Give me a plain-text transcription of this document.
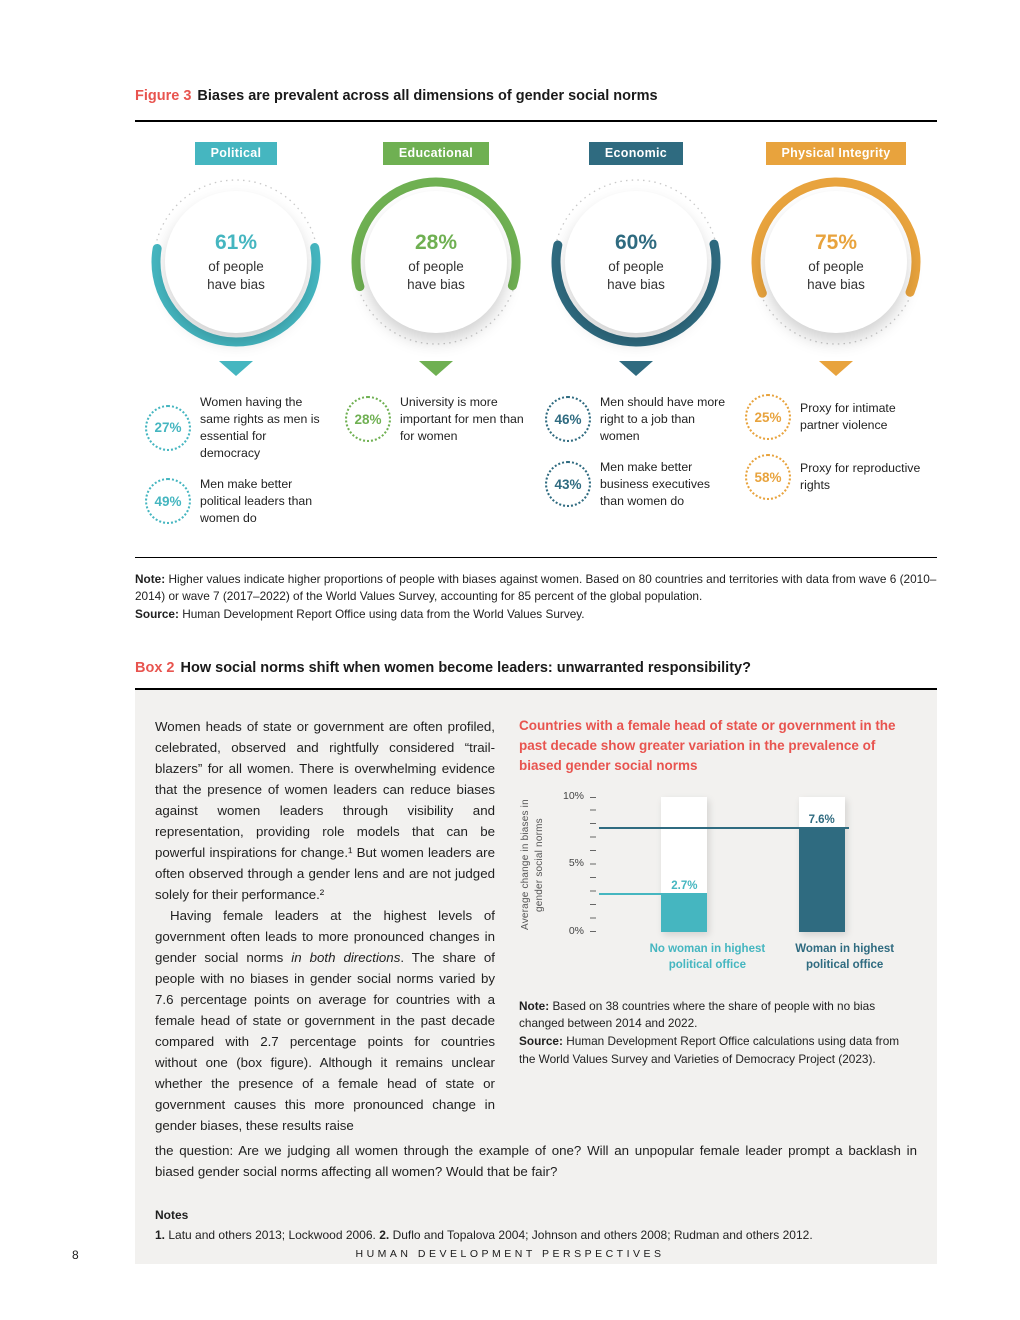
Figure 3 Biases are prevalent across all dimensions of gender social norms
Political
61%
of people have bias
27%
Women having the same rights as men is essential for democracy
49%
Men make better political leaders than women do
Educational
28%
of people have bias
28%
University is more important for men than for women
Economic
60%
of people have bias
46%
Men should have more right to a job than women
43%
Men make better business executives than women do
Physical Integrity
75%
of people have bias
25%
Proxy for intimate partner violence
58%
Proxy for reproductive rights
Note: Higher values indicate higher proportions of people with biases against women. Based on 80 countries and territories with data from wave 6 (2010–2014) or wave 7 (2017–2022) of the World Values Survey, accounting for 85 percent of the global population.
Source: Human Development Report Office using data from the World Values Survey.
Box 2 How social norms shift when women become leaders: unwarranted responsibility?

Women heads of state or government are often profiled, celebrated, observed and rightfully considered “trail-blazers” for all women. There is overwhelming evidence that the presence of women leaders can reduce biases against women leaders through visibility and representation, providing role models that can be powerful inspirations for change.¹ But women leaders are often observed through a gender lens and are not judged solely for their performance.²

Having female leaders at the highest levels of government often leads to more pronounced changes in gender social norms in both directions. The share of people with no biases in gender social norms varied by 7.6 percentage points on average for countries with a female head of state or government in the past decade compared with 2.7 percentage points for countries without one (box figure). Although it remains unclear whether the presence of a female head of state or government causes this more pronounced change in gender biases, these results raise

Countries with a female head of state or government in the past decade show greater variation in the prevalence of biased gender social norms
Average change in biases in gender social norms
0%
5%
10%
2.7%
7.6%
No woman in highest political office
Woman in highest political office
Note: Based on 38 countries where the share of people with no bias changed between 2014 and 2022.
Source: Human Development Report Office calculations using data from the World Values Survey and Varieties of Democracy Project (2023).
the question: Are we judging all women through the example of one? Will an unpopular female leader prompt a backlash in biased gender social norms affecting all women? Would that be fair?
Notes
1. Latu and others 2013; Lockwood 2006. 2. Duflo and Topalova 2004; Johnson and others 2008; Rudman and others 2012.
8	HUMAN DEVELOPMENT PERSPECTIVES
